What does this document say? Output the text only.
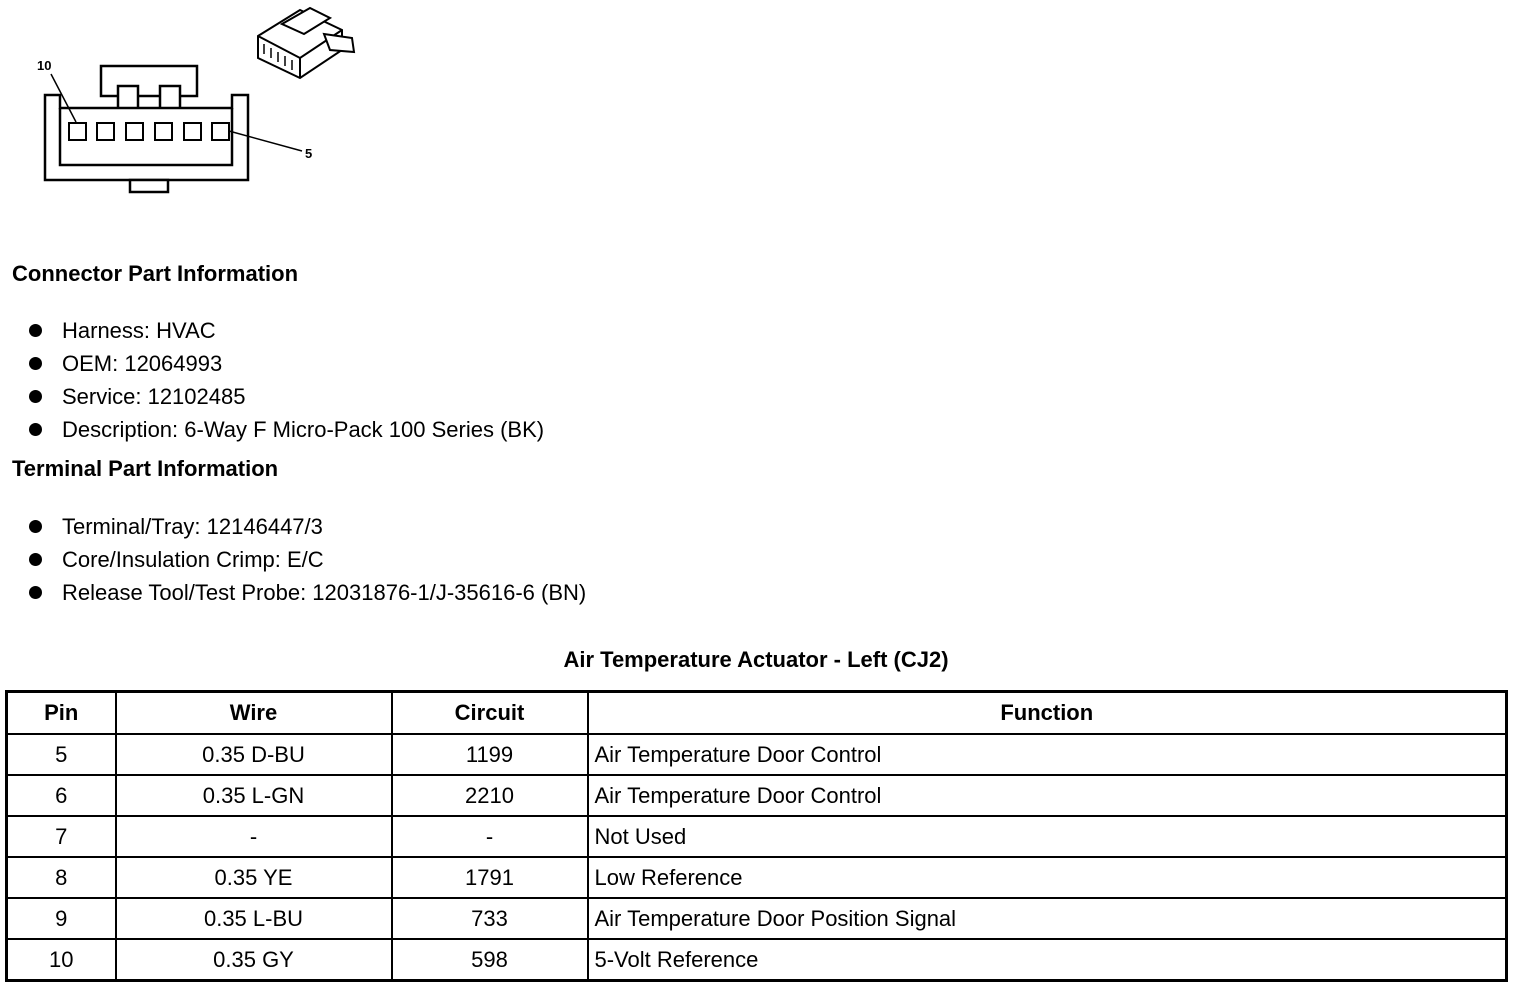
10
5
Connector Part Information
Harness: HVAC
OEM: 12064993
Service: 12102485
Description: 6-Way F Micro-Pack 100 Series (BK)
Terminal Part Information
Terminal/Tray: 12146447/3
Core/Insulation Crimp: E/C
Release Tool/Test Probe: 12031876-1/J-35616-6 (BN)
Air Temperature Actuator - Left (CJ2)
Pin	Wire	Circuit	Function
5	0.35 D-BU	1199	Air Temperature Door Control
6	0.35 L-GN	2210	Air Temperature Door Control
7	-	-	Not Used
8	0.35 YE	1791	Low Reference
9	0.35 L-BU	733	Air Temperature Door Position Signal
10	0.35 GY	598	5-Volt Reference
